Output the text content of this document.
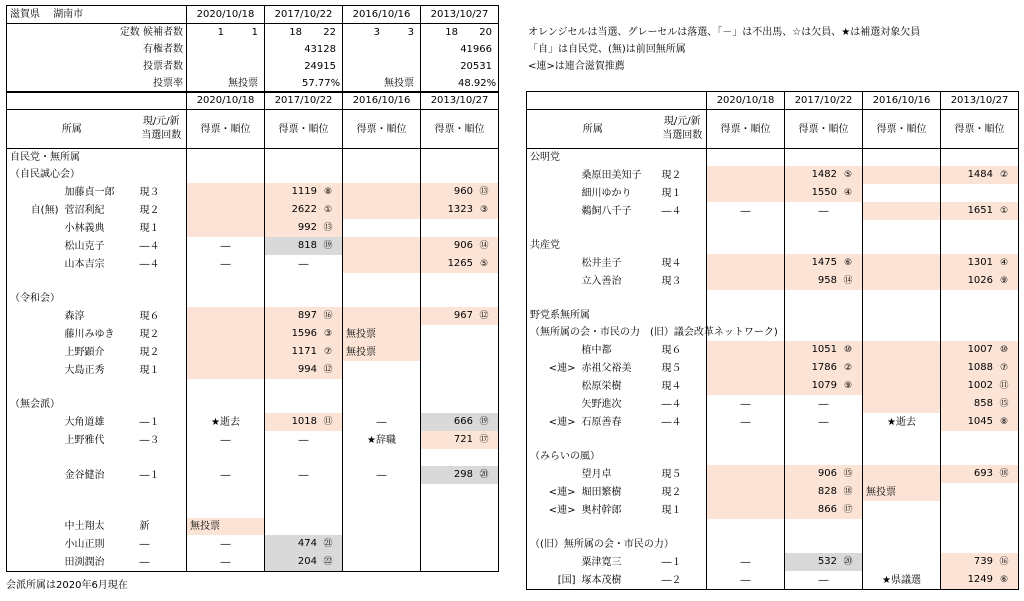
滋賀県　 湖南市	2020/10/18	2017/10/22	2016/10/16	2013/10/27
定数 候補者数	1 1	18 22	3 3	18 20
有権者数		43128		41966
投票者数		24915		20531
投票率	無投票	57.77%	無投票	48.92%
			2020/10/18	2017/10/22	2016/10/16	2013/10/27
所属		現/元/新
当選回数	得票・順位	得票・順位	得票・順位	得票・順位
自民党・無所属						
（自民誠心会）						
	加藤貞一郎	現３		1119 ⑧		960 ⑬
自(無)	菅沼利紀	現２		2622 ①		1323 ③
	小林義典	現１		992 ⑬		
	松山克子	―４	―	818 ⑲		906 ⑭
	山本吉宗	―４	―	―		1265 ⑤

（令和会）						
	森淳	現６		897 ⑯		967 ⑫
	藤川みゆき	現２		1596 ③	無投票	
	上野顕介	現２		1171 ⑦	無投票	
	大島正秀	現１		994 ⑫		

（無会派）						
	大角道雄	―１	★逝去	1018 ⑪	―	666 ⑲
	上野雅代	―３	―	―	★辞職	721 ⑰

	金谷健治	―１	―	―	―	298 ⑳

	中土翔太	新	無投票			
	小山正則	―	―	474 ㉑		
	田渕潤治	―	―	204 ㉒		
オレンジセルは当選、グレーセルは落選、「－」は不出馬、☆は欠員、★は補選対象欠員
「自」は自民党、(無)は前回無所属
<連>は連合滋賀推薦
			2020/10/18	2017/10/22	2016/10/16	2013/10/27
所属		現/元/新
当選回数	得票・順位	得票・順位	得票・順位	得票・順位
公明党						
	桑原田美知子	現２		1482 ⑤		1484 ②
	細川ゆかり	現１		1550 ④		
	鵜飼八千子	―４	―	―		1651 ①

共産党						
	松井圭子	現４		1475 ⑥		1301 ④
	立入善治	現３		958 ⑭		1026 ⑨

野党系無所属						
（無所属の会・市民の力　(旧）議会改革ネットワーク)						
	植中都	現６		1051 ⑩		1007 ⑩
<連>	赤祖父裕美	現５		1786 ②		1088 ⑦
	松原栄樹	現４		1079 ⑨		1002 ⑪
	矢野進次	―４	―	―		858 ⑮
<連>	石原善春	―４	―	―	★逝去	1045 ⑧

（みらいの風）						
	望月卓	現５		906 ⑮		693 ⑱
<連>	堀田繁樹	現２		828 ⑱	無投票	
<連>	奥村幹郎	現１		866 ⑰		

（(旧）無所属の会・市民の力）						
	粟津寛三	―１	―	532 ⑳		739 ⑯
[国]	塚本茂樹	―２	―	―	★県議選	1249 ⑥
会派所属は2020年6月現在
